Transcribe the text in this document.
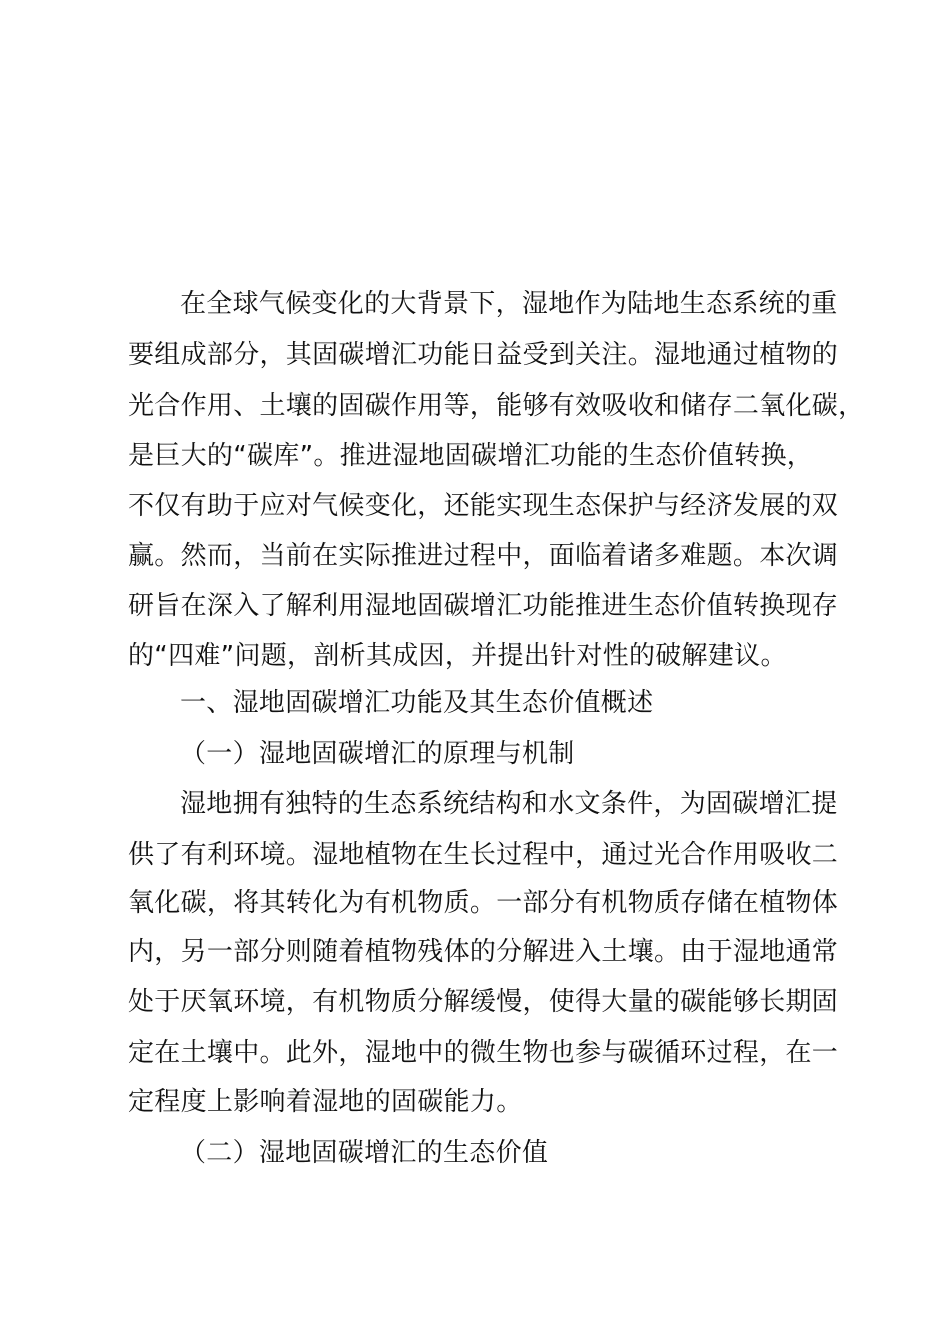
在全球气候变化的大背景下，湿地作为陆地生态系统的重
要组成部分，其固碳增汇功能日益受到关注。湿地通过植物的
光合作用、土壤的固碳作用等，能够有效吸收和储存二氧化碳，
是巨大的“碳库”。推进湿地固碳增汇功能的生态价值转换，
不仅有助于应对气候变化，还能实现生态保护与经济发展的双
赢。然而，当前在实际推进过程中，面临着诸多难题。本次调
研旨在深入了解利用湿地固碳增汇功能推进生态价值转换现存
的“四难”问题，剖析其成因，并提出针对性的破解建议。
一、湿地固碳增汇功能及其生态价值概述
（一）湿地固碳增汇的原理与机制
湿地拥有独特的生态系统结构和水文条件，为固碳增汇提
供了有利环境。湿地植物在生长过程中，通过光合作用吸收二
氧化碳，将其转化为有机物质。一部分有机物质存储在植物体
内，另一部分则随着植物残体的分解进入土壤。由于湿地通常
处于厌氧环境，有机物质分解缓慢，使得大量的碳能够长期固
定在土壤中。此外，湿地中的微生物也参与碳循环过程，在一
定程度上影响着湿地的固碳能力。
（二）湿地固碳增汇的生态价值
